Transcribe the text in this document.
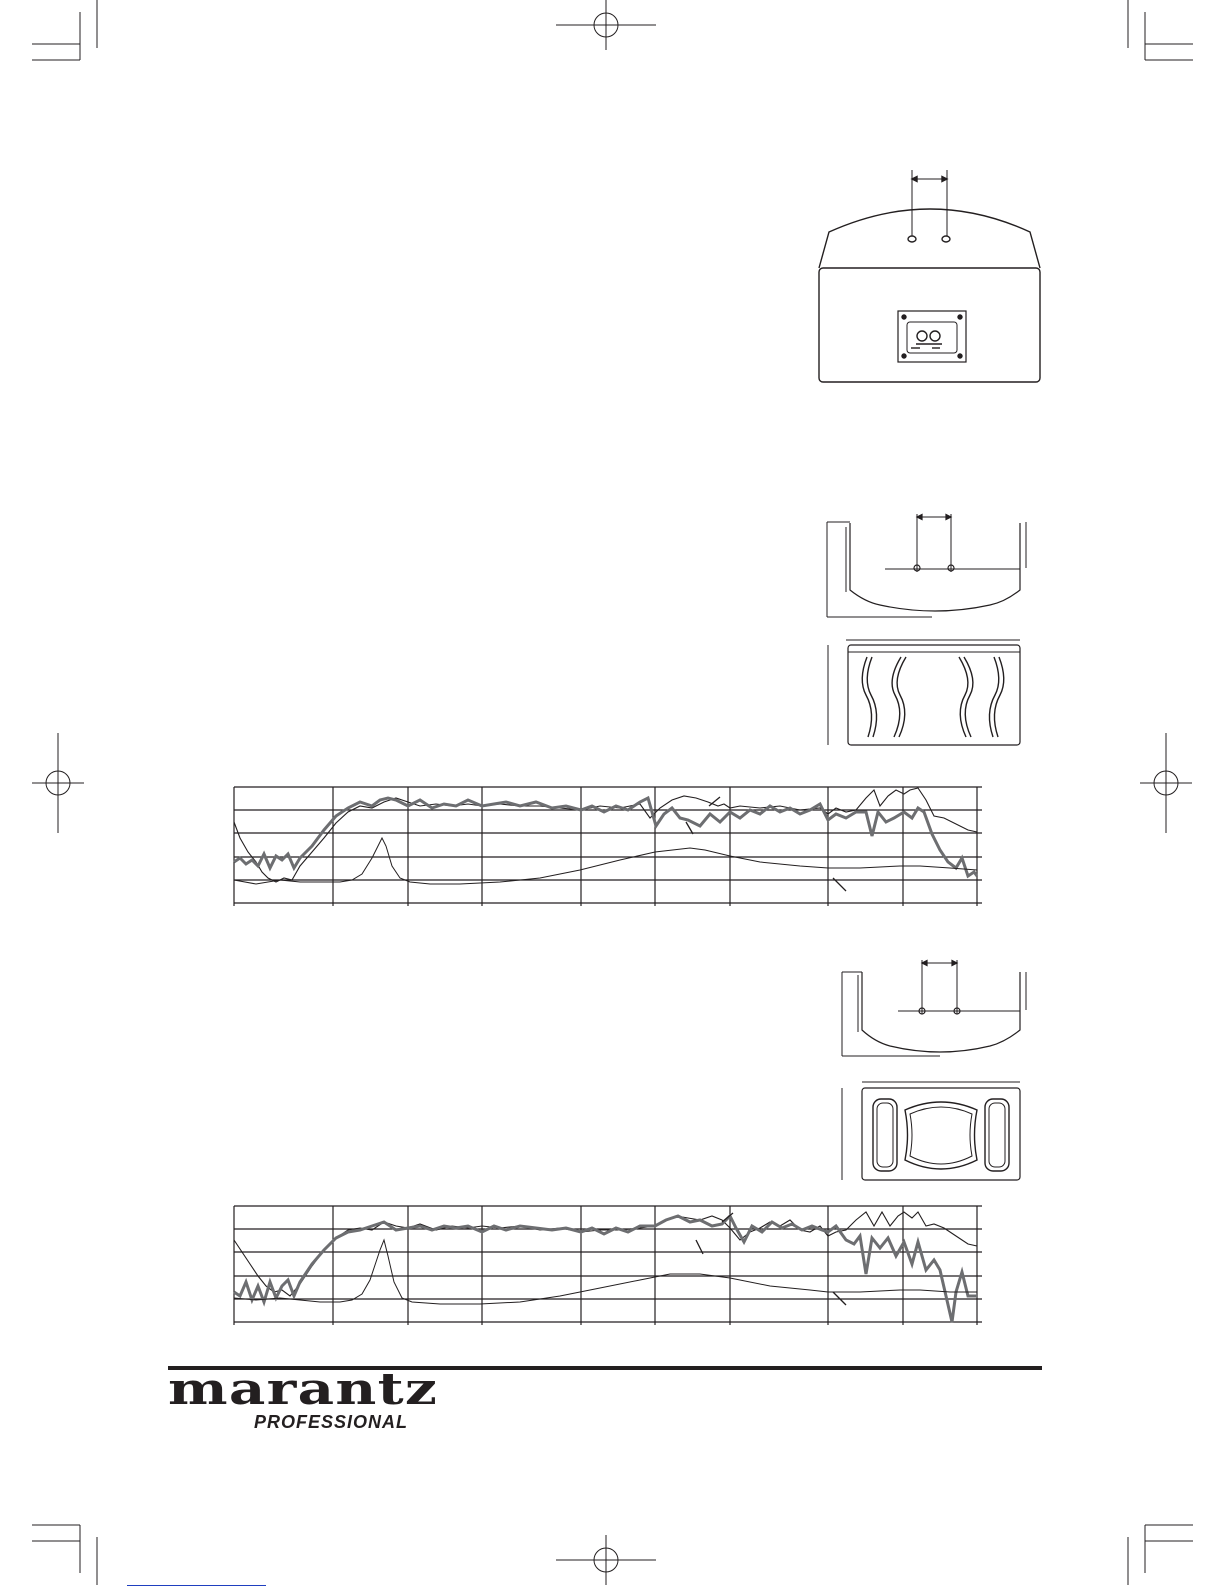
marantz
PROFESSIONAL
